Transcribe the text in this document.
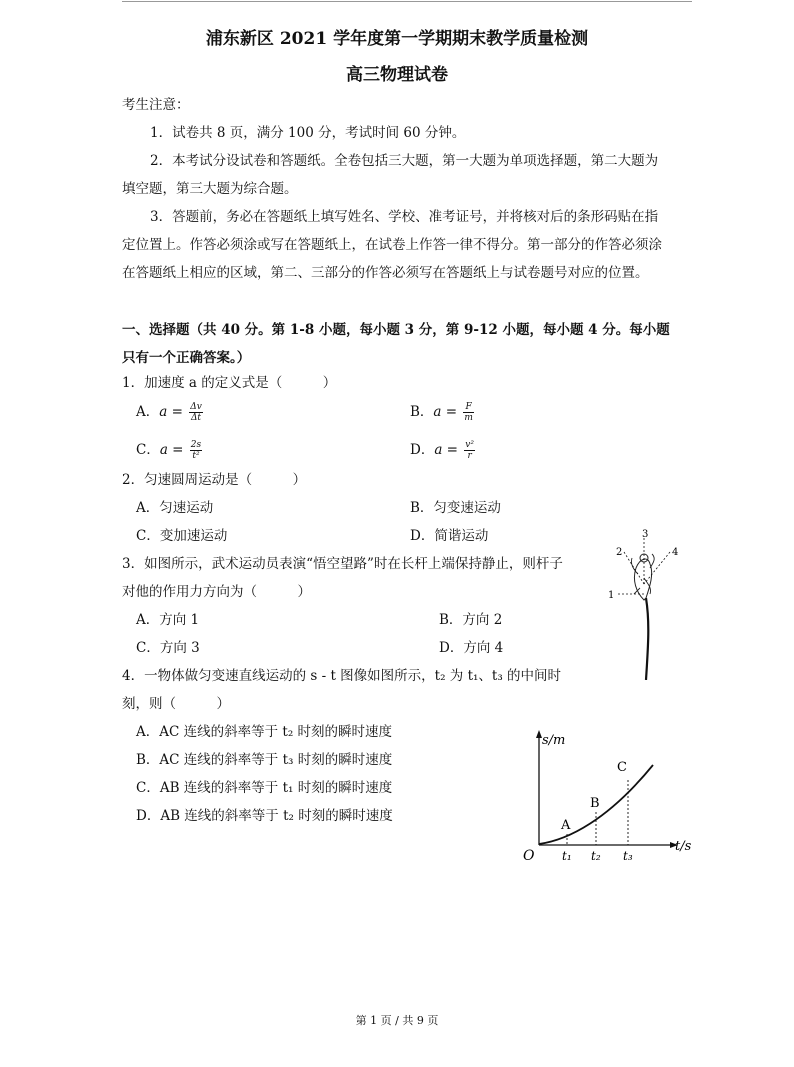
浦东新区 2021 学年度第一学期期末教学质量检测
高三物理试卷
考生注意：
1．试卷共 8 页，满分 100 分，考试时间 60 分钟。
2．本考试分设试卷和答题纸。全卷包括三大题，第一大题为单项选择题，第二大题为
填空题，第三大题为综合题。
3．答题前，务必在答题纸上填写姓名、学校、准考证号，并将核对后的条形码贴在指
定位置上。作答必须涂或写在答题纸上，在试卷上作答一律不得分。第一部分的作答必须涂
在答题纸上相应的区域，第二、三部分的作答必须写在答题纸上与试卷题号对应的位置。
一、选择题（共 40 分。第 1-8 小题，每小题 3 分，第 9-12 小题，每小题 4 分。每小题
只有一个正确答案。）
1．加速度 a 的定义式是（　　　）
A．$a = \frac{\Delta v}{\Delta t}$	B．$a = \frac{F}{m}$
C．$a = \frac{2s}{\text{t²}}$	D．$a = \frac{\text{v²}}{r}$
2．匀速圆周运动是（　　　）
A．匀速运动	B．匀变速运动
C．变加速运动	D．简谐运动
3．如图所示，武术运动员表演“悟空望路”时在长杆上端保持静止，则杆子
对他的作用力方向为（　　　）
A．方向 1	B．方向 2
C．方向 3	D．方向 4
3
2	4
1
4．一物体做匀变速直线运动的 s - t 图像如图所示，t₂ 为 t₁、t₃ 的中间时
刻，则（　　　）
A．AC 连线的斜率等于 t₂ 时刻的瞬时速度
B．AC 连线的斜率等于 t₃ 时刻的瞬时速度
C．AB 连线的斜率等于 t₁ 时刻的瞬时速度
D．AB 连线的斜率等于 t₂ 时刻的瞬时速度
s/m
t/s
O t₁ t₂ t₃
A
B
C
第 1 页 / 共 9 页
